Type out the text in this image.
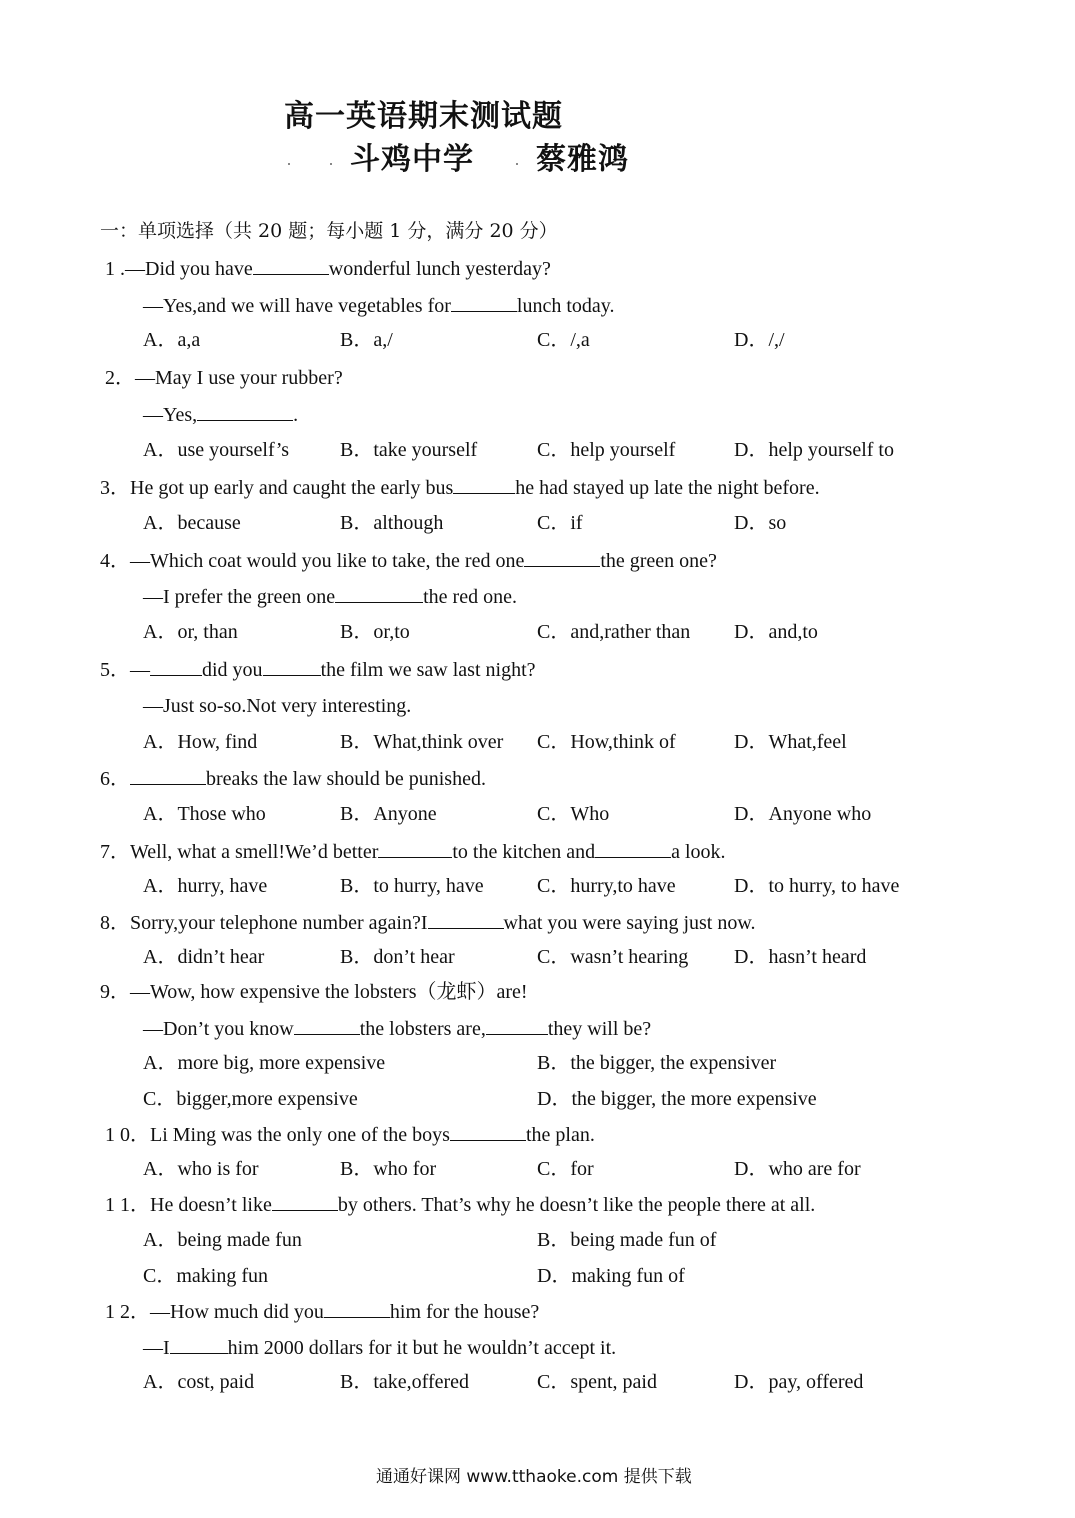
高一英语期末测试题
斗鸡中学 蔡雅鸿
一：单项选择（共 20 题；每小题 1 分，满分 20 分）
1 .—Did you have	wonderful lunch yesterday?
—Yes,and we will have vegetables for	lunch today.
A．a,a	B．a,/	C．/,a	D．/,/
2．—May I use your rubber?
—Yes,	.
A．use yourself’s	B．take yourself	C．help yourself	D．help yourself to
3．He got up early and caught the early bus	he had stayed up late the night before.
A．because	B．although	C．if	D．so
4．—Which coat would you like to take, the red one	the green one?
—I prefer the green one	the red one.
A．or, than	B．or,to	C．and,rather than D．and,to
5．—	did you	the film we saw last night?
—Just so-so.Not very interesting.
A．How, find	B．What,think over C．How,think of	D．What,feel
6．	breaks the law should be punished.
A．Those who	B．Anyone	C．Who	D．Anyone who
7．Well, what a smell!We’d better	to the kitchen and	a look.
A．hurry, have	B．to hurry, have	C．hurry,to have	D．to hurry, to have
8．Sorry,your telephone number again?I	what you were saying just now.
A．didn’t hear	B．don’t hear	C．wasn’t hearing D．hasn’t heard
9．—Wow, how expensive the lobsters（龙虾）are!
—Don’t you know	the lobsters are,	they will be?
A．more big, more expensive	B．the bigger, the expensiver
C．bigger,more expensive	D．the bigger, the more expensive
1 0．Li Ming was the only one of the boys	the plan.
A．who is for	B．who for	C．for	D．who are for
1 1．He doesn’t like	by others. That’s why he doesn’t like the people there at all.
A．being made fun	B．being made fun of
C．making fun	D．making fun of
1 2．—How much did you	him for the house?
—I	him 2000 dollars for it but he wouldn’t accept it.
A．cost, paid	B．take,offered	C．spent, paid	D．pay, offered
通通好课网 www.tthaoke.com 提供下载
